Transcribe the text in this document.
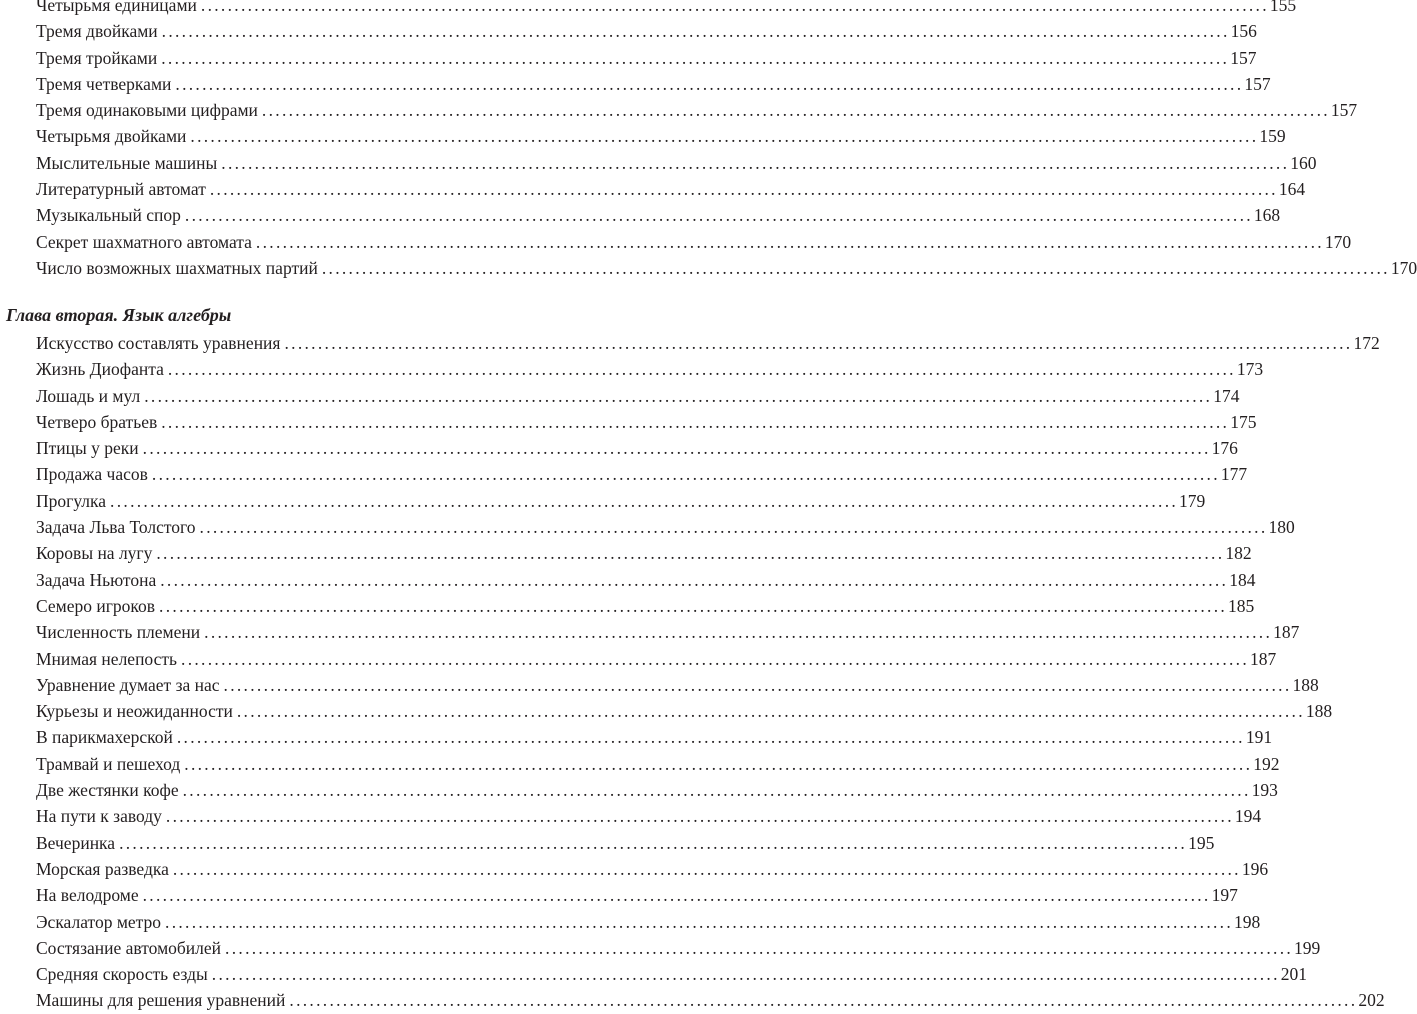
Четырьмя единицами ................................................................................................................................................................ 155
Тремя двойками ................................................................................................................................................................ 156
Тремя тройками ................................................................................................................................................................ 157
Тремя четверками ................................................................................................................................................................ 157
Тремя одинаковыми цифрами ................................................................................................................................................................ 157
Четырьмя двойками ................................................................................................................................................................ 159
Мыслительные машины ................................................................................................................................................................ 160
Литературный автомат ................................................................................................................................................................ 164
Музыкальный спор ................................................................................................................................................................ 168
Секрет шахматного автомата ................................................................................................................................................................ 170
Число возможных шахматных партий ................................................................................................................................................................ 170
Глава вторая. Язык алгебры
Искусство составлять уравнения ................................................................................................................................................................ 172
Жизнь Диофанта ................................................................................................................................................................ 173
Лошадь и мул ................................................................................................................................................................ 174
Четверо братьев ................................................................................................................................................................ 175
Птицы у реки ................................................................................................................................................................ 176
Продажа часов ................................................................................................................................................................ 177
Прогулка ................................................................................................................................................................ 179
Задача Льва Толстого ................................................................................................................................................................ 180
Коровы на лугу ................................................................................................................................................................ 182
Задача Ньютона ................................................................................................................................................................ 184
Семеро игроков ................................................................................................................................................................ 185
Численность племени ................................................................................................................................................................ 187
Мнимая нелепость ................................................................................................................................................................ 187
Уравнение думает за нас ................................................................................................................................................................ 188
Курьезы и неожиданности ................................................................................................................................................................ 188
В парикмахерской ................................................................................................................................................................ 191
Трамвай и пешеход ................................................................................................................................................................ 192
Две жестянки кофе ................................................................................................................................................................ 193
На пути к заводу ................................................................................................................................................................ 194
Вечеринка ................................................................................................................................................................ 195
Морская разведка ................................................................................................................................................................ 196
На велодроме ................................................................................................................................................................ 197
Эскалатор метро ................................................................................................................................................................ 198
Состязание автомобилей ................................................................................................................................................................ 199
Средняя скорость езды ................................................................................................................................................................ 201
Машины для решения уравнений ................................................................................................................................................................ 202
